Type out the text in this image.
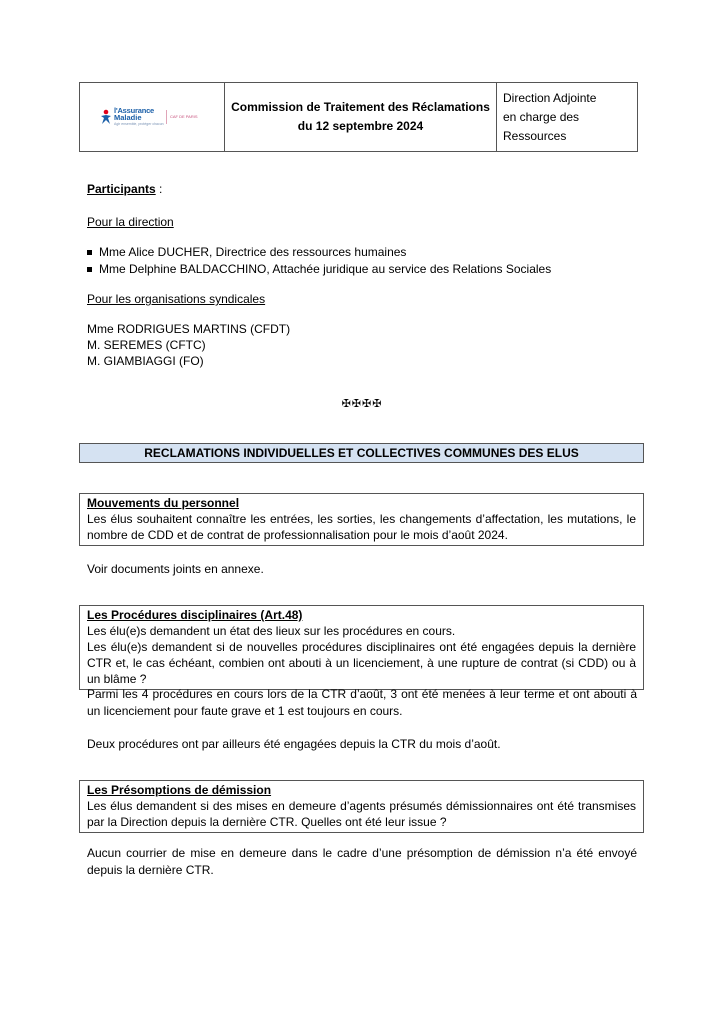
l'Assurance
Maladie
Agir ensemble, protéger chacun
CAF DE PARIS
Commission de Traitement des Réclamations
du 12 septembre 2024
Direction Adjointe
en charge des Ressources
Participants :
Pour la direction
Mme Alice DUCHER, Directrice des ressources humaines
Mme Delphine BALDACCHINO, Attachée juridique au service des Relations Sociales
Pour les organisations syndicales
Mme RODRIGUES MARTINS (CFDT)
M. SEREMES (CFTC)
M. GIAMBIAGGI (FO)
✠✠✠✠
RECLAMATIONS INDIVIDUELLES ET COLLECTIVES COMMUNES DES ELUS
Mouvements du personnel
Les élus souhaitent connaître les entrées, les sorties, les changements d’affectation, les mutations, le nombre de CDD et de contrat de professionnalisation pour le mois d’août 2024.
Voir documents joints en annexe.
Les Procédures disciplinaires (Art.48)
Les élu(e)s demandent un état des lieux sur les procédures en cours.
Les élu(e)s demandent si de nouvelles procédures disciplinaires ont été engagées depuis la dernière CTR et, le cas échéant, combien ont abouti à un licenciement, à une rupture de contrat (si CDD) ou à un blâme ?
Parmi les 4 procédures en cours lors de la CTR d’août, 3 ont été menées à leur terme et ont abouti à un licenciement pour faute grave et 1 est toujours en cours.
Deux procédures ont par ailleurs été engagées depuis la CTR du mois d’août.
Les Présomptions de démission
Les élus demandent si des mises en demeure d’agents présumés démissionnaires ont été transmises par la Direction depuis la dernière CTR. Quelles ont été leur issue ?
Aucun courrier de mise en demeure dans le cadre d’une présomption de démission n’a été envoyé depuis la dernière CTR.
